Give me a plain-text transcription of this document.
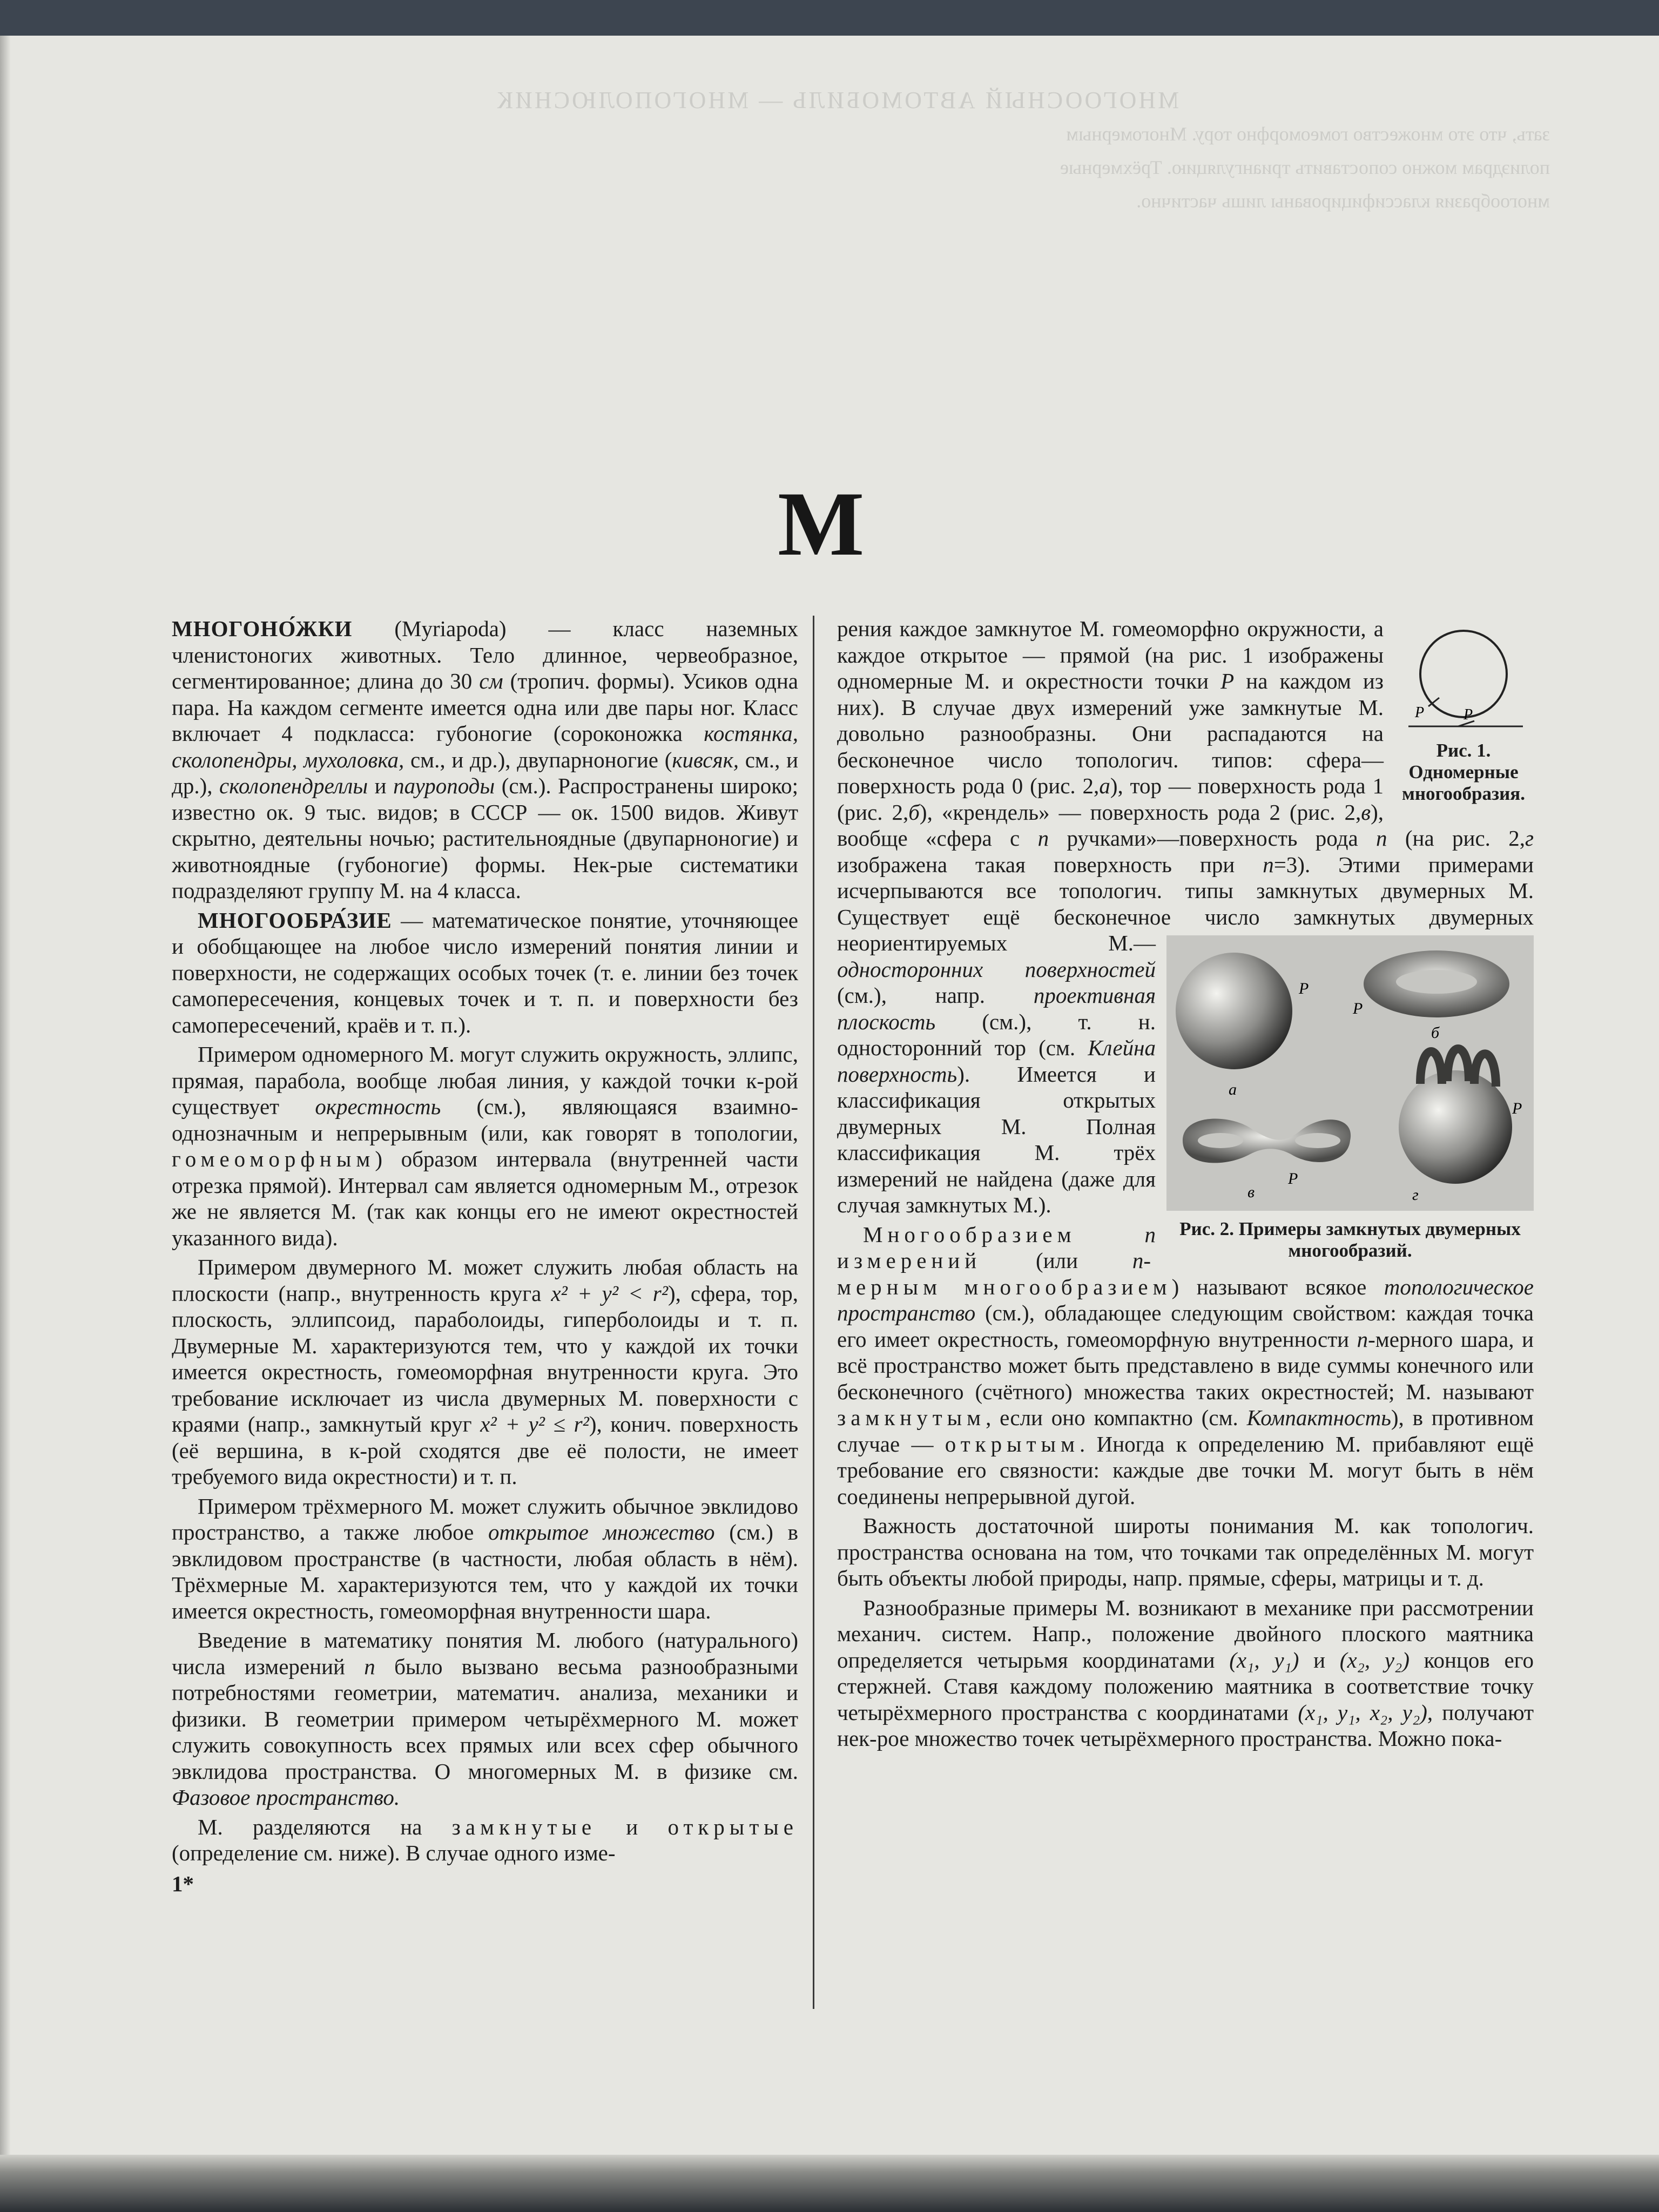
МНОГООСНЫЙ АВТОМОБИЛЬ — МНОГОПОЛЮСНИК

зать, что это множество гомеоморфно тору. Многомерным

полиэдрам можно сопоставить триангуляцию. Трёхмерные

многообразия классифицированы лишь частично.

М

МНОГОНО́ЖКИ (Myriapoda) — класс наземных членистоногих животных. Тело длинное, червеобразное, сегментированное; длина до 30 см (тропич. формы). Усиков одна пара. На каждом сегменте имеется одна или две пары ног. Класс включает 4 подкласса: губоногие (сороконожка костянка, сколопендры, мухоловка, см., и др.), двупарноногие (кивсяк, см., и др.), сколопендреллы и пауроподы (см.). Распространены широко; известно ок. 9 тыс. видов; в СССР — ок. 1500 видов. Живут скрытно, деятельны ночью; растительноядные (двупарноногие) и животноядные (губоногие) формы. Нек-рые систематики подразделяют группу М. на 4 класса.

МНОГООБРА́ЗИЕ — математическое понятие, уточняющее и обобщающее на любое число измерений понятия линии и поверхности, не содержащих особых точек (т. е. линии без точек самопересечения, концевых точек и т. п. и поверхности без самопересечений, краёв и т. п.).

Примером одномерного М. могут служить окружность, эллипс, прямая, парабола, вообще любая линия, у каждой точки к-рой существует окрестность (см.), являющаяся взаимно-однозначным и непрерывным (или, как говорят в топологии, гомеоморфным) образом интервала (внутренней части отрезка прямой). Интервал сам является одномерным М., отрезок же не является М. (так как концы его не имеют окрестностей указанного вида).

Примером двумерного М. может служить любая область на плоскости (напр., внутренность круга x² + y² < r²), сфера, тор, плоскость, эллипсоид, параболоиды, гиперболоиды и т. п. Двумерные М. характеризуются тем, что у каждой их точки имеется окрестность, гомеоморфная внутренности круга. Это требование исключает из числа двумерных М. поверхности с краями (напр., замкнутый круг x² + y² ≤ r²), конич. поверхность (её вершина, в к-рой сходятся две её полости, не имеет требуемого вида окрестности) и т. п.

Примером трёхмерного М. может служить обычное эвклидово пространство, а также любое открытое множество (см.) в эвклидовом пространстве (в частности, любая область в нём). Трёхмерные М. характеризуются тем, что у каждой их точки имеется окрестность, гомеоморфная внутренности шара.

Введение в математику понятия М. любого (натурального) числа измерений n было вызвано весьма разнообразными потребностями геометрии, математич. анализа, механики и физики. В геометрии примером четырёхмерного М. может служить совокупность всех прямых или всех сфер обычного эвклидова пространства. О многомерных М. в физике см. Фазовое пространство.

М. разделяются на замкнутые и открытые (определение см. ниже). В случае одного изме-

1*

P	P
Рис. 1. Одномерные многообразия.
рения каждое замкнутое М. гомеоморфно окружности, а каждое открытое — прямой (на рис. 1 изображены одномерные М. и окрестности точки P на каждом из них). В случае двух измерений уже замкнутые М. довольно разнообразны. Они распадаются на бесконечное число топологич. типов: сфера—поверхность рода 0 (рис. 2,а), тор — поверхность рода 1 (рис. 2,б), «крендель» — поверхность рода 2 (рис. 2,в), вообще «сфера с n ручками»—поверхность рода n (на рис. 2,г изображена такая поверхность при n=3). Этими примерами исчерпываются все топологич. типы замкнутых двумерных М. Существует ещё бесконечное число замкнутых двумерных неориентируемых М.—
а
P
б
P
в
P
г
P
Рис. 2. Примеры замкнутых двумерных многообразий.
односторонних поверхностей (см.), напр. проективная плоскость (см.), т. н. односторонний тор (см. Клейна поверхность). Имеется и классификация открытых двумерных М. Полная классификация М. трёх измерений не найдена (даже для случая замкнутых М.).

Многообразием	n измерений (или n-мерным многообразием) называют всякое топологическое пространство (см.), обладающее следующим свойством: каждая точка его имеет окрестность, гомеоморфную внутренности n-мерного шара, и всё пространство может быть представлено в виде суммы конечного или бесконечного (счётного) множества таких окрестностей; М. называют замкнутым, если оно компактно (см. Компактность), в противном случае — открытым. Иногда к определению М. прибавляют ещё требование его связности: каждые две точки М. могут быть в нём соединены непрерывной дугой.

Важность достаточной широты понимания М. как топологич. пространства основана на том, что точками так определённых М. могут быть объекты любой природы, напр. прямые, сферы, матрицы и т. д.

Разнообразные примеры М. возникают в механике при рассмотрении механич. систем. Напр., положение двойного плоского маятника определяется четырьмя координатами (x₁, y₁) и (x₂, y₂) концов его стержней. Ставя каждому положению маятника в соответствие точку четырёхмерного пространства с координатами (x₁, y₁, x₂, y₂), получают нек-рое множество точек четырёхмерного пространства. Можно пока-
